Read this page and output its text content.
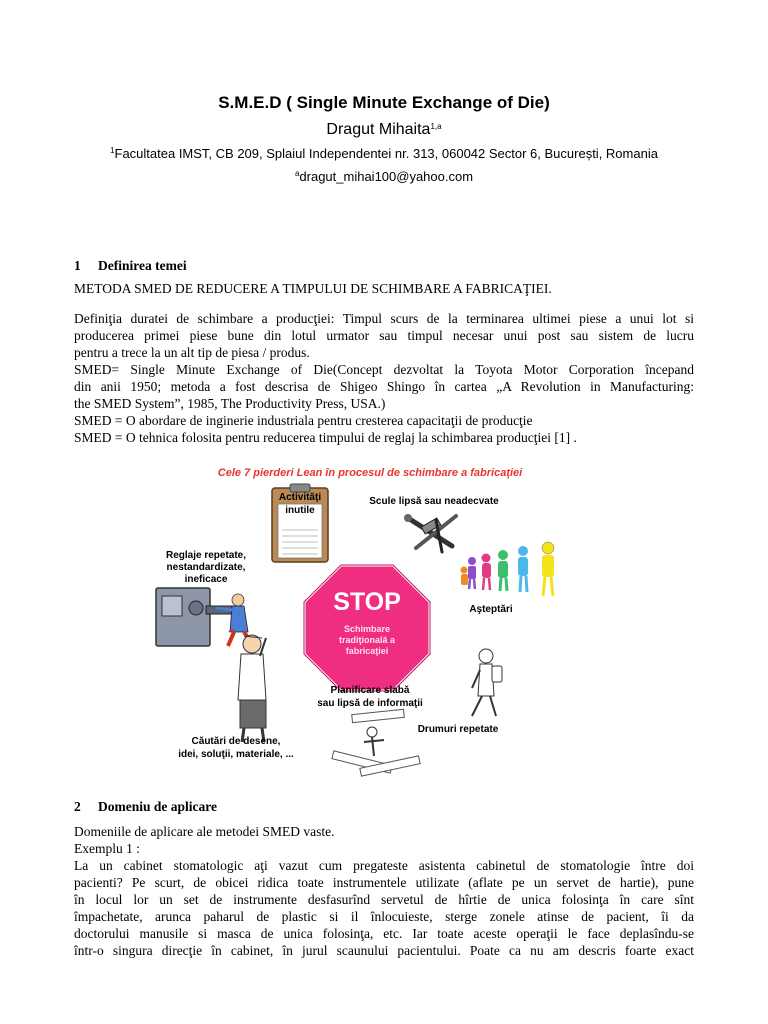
S.M.E.D ( Single Minute Exchange of Die)
Dragut Mihaita$^{1,a}$
$^1$Facultatea IMST, CB 209, Splaiul Independentei nr. 313, 060042 Sector 6, București, Romania
$^a$dragut_mihai100@yahoo.com
1 Definirea temei
METODA SMED DE REDUCERE A TIMPULUI DE SCHIMBARE A FABRICAŢIEI.
Definiţia duratei de schimbare a producţiei: Timpul scurs de la terminarea ultimei piese a unui lot si
producerea primei piese bune din lotul urmator sau timpul necesar unui post sau sistem de lucru
pentru a trece la un alt tip de piesa / produs.
SMED= Single Minute Exchange of Die(Concept dezvoltat la Toyota Motor Corporation începand
din anii 1950; metoda a fost descrisa de Shigeo Shingo în cartea „A Revolution in Manufacturing:
the SMED System”, 1985, The Productivity Press, USA.)
SMED = O abordare de inginerie industriala pentru cresterea capacitaţii de producţie
SMED = O tehnica folosita pentru reducerea timpului de reglaj la schimbarea producţiei [1] .
Cele 7 pierderi Lean în procesul de schimbare a fabricaţiei
Activităţi
inutile
Scule lipsă sau neadecvate
Aşteptări
Reglaje repetate,
nestandardizate,
ineficace
STOP
Schimbare
tradiţională a
fabricaţiei
?
Drumuri repetate
Planificare slabă
sau lipsă de informaţii
Căutări de desene,
idei, soluţii, materiale, ...
2 Domeniu de aplicare
Domeniile de aplicare ale metodei SMED vaste.
Exemplu 1 :
La un cabinet stomatologic aţi vazut cum pregateste asistenta cabinetul de stomatologie între doi
pacienti? Pe scurt, de obicei ridica toate instrumentele utilizate (aflate pe un servet de hartie), pune
în locul lor un set de instrumente desfasurînd servetul de hîrtie de unica folosinţa în care sînt
împachetate, arunca paharul de plastic si il înlocuieste, sterge zonele atinse de pacient, îi da
doctorului manusile si masca de unica folosinţa, etc. Iar toate aceste operaţii le face deplasîndu-se
într-o singura direcţie în cabinet, în jurul scaunului pacientului. Poate ca nu am descris foarte exact
